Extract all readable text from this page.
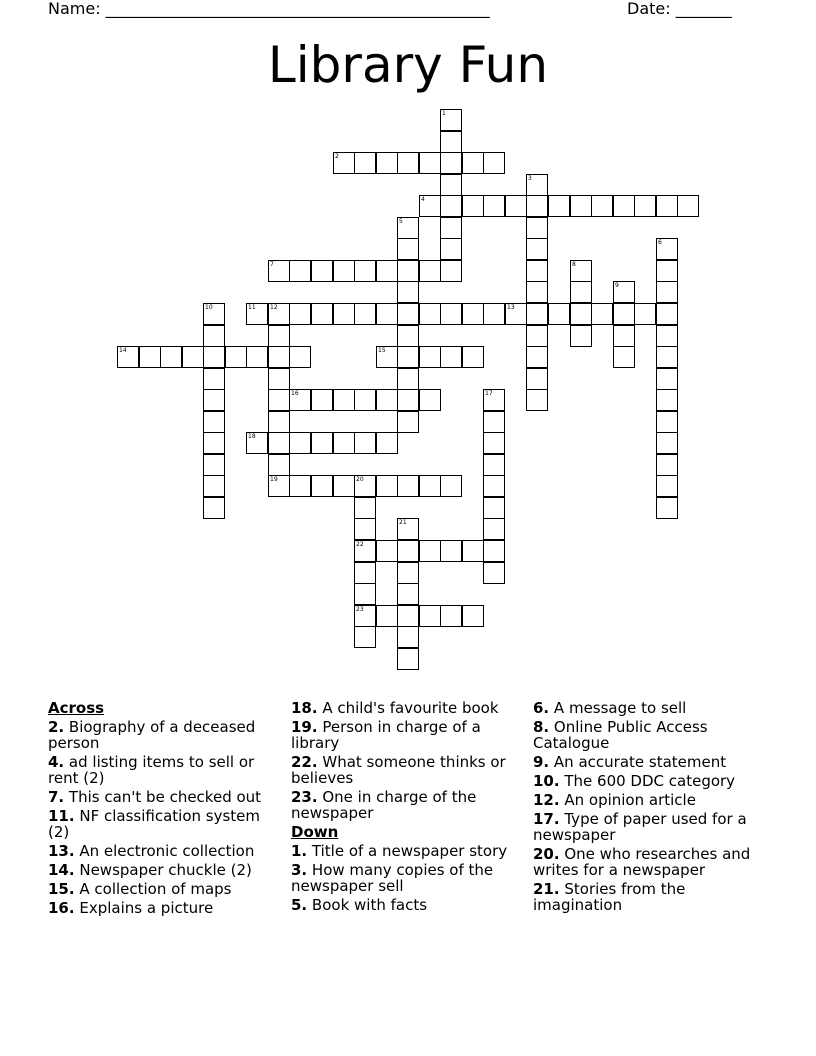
Name: ________________________________________________	Date: _______
Library Fun
1
2
3
4
5
6
7	8
9
10	11 12	13
14	15
16	17
18
19	20
22
23
21
Across
2. Biography of a deceased person
4. ad listing items to sell or rent (2)
7. This can't be checked out
11. NF classification system (2)
13. An electronic collection
14. Newspaper chuckle (2)
15. A collection of maps
16. Explains a picture
18. A child's favourite book
19. Person in charge of a library
22. What someone thinks or believes
23. One in charge of the newspaper
Down
1. Title of a newspaper story
3. How many copies of the newspaper sell
5. Book with facts
6. A message to sell
8. Online Public Access Catalogue
9. An accurate statement
10. The 600 DDC category
12. An opinion article
17. Type of paper used for a newspaper
20. One who researches and writes for a newspaper
21. Stories from the imagination
